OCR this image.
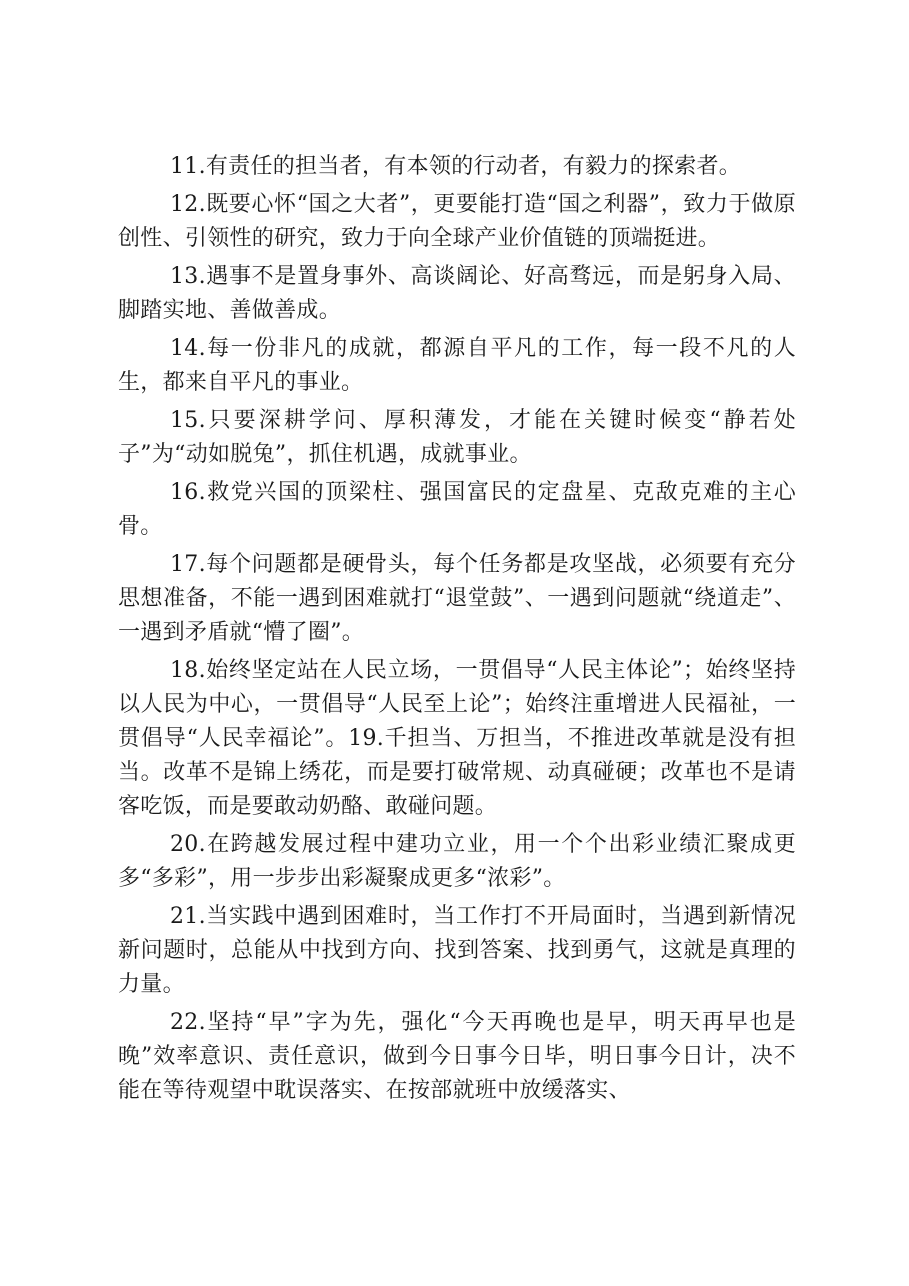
11.有责任的担当者，有本领的行动者，有毅力的探索者。

12.既要心怀“国之大者”，更要能打造“国之利器”，致力于做原创性、引领性的研究，致力于向全球产业价值链的顶端挺进。

13.遇事不是置身事外、高谈阔论、好高骛远，而是躬身入局、脚踏实地、善做善成。

14.每一份非凡的成就，都源自平凡的工作，每一段不凡的人生，都来自平凡的事业。

15.只要深耕学问、厚积薄发，才能在关键时候变“静若处子”为“动如脱兔”，抓住机遇，成就事业。

16.救党兴国的顶梁柱、强国富民的定盘星、克敌克难的主心骨。

17.每个问题都是硬骨头，每个任务都是攻坚战，必须要有充分思想准备，不能一遇到困难就打“退堂鼓”、一遇到问题就“绕道走”、一遇到矛盾就“懵了圈”。

18.始终坚定站在人民立场，一贯倡导“人民主体论”；始终坚持以人民为中心，一贯倡导“人民至上论”；始终注重增进人民福祉，一贯倡导“人民幸福论”。19.千担当、万担当，不推进改革就是没有担当。改革不是锦上绣花，而是要打破常规、动真碰硬；改革也不是请客吃饭，而是要敢动奶酪、敢碰问题。

20.在跨越发展过程中建功立业，用一个个出彩业绩汇聚成更多“多彩”，用一步步出彩凝聚成更多“浓彩”。

21.当实践中遇到困难时，当工作打不开局面时，当遇到新情况新问题时，总能从中找到方向、找到答案、找到勇气，这就是真理的力量。

22.坚持“早”字为先，强化“今天再晚也是早，明天再早也是晚”效率意识、责任意识，做到今日事今日毕，明日事今日计，决不能在等待观望中耽误落实、在按部就班中放缓落实、
